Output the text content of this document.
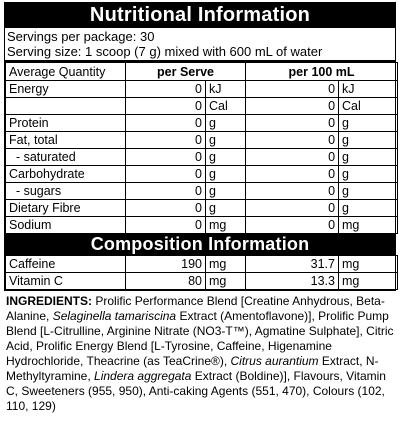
Nutritional Information
Servings per package: 30
Serving size: 1 scoop (7 g) mixed with 600 mL of water
Average Quantity	per Serve		per 100 mL	
Energy	0	kJ	0	kJ
	0	Cal	0	Cal
Protein	0	g	0	g
Fat, total	0	g	0	g
- saturated	0	g	0	g
Carbohydrate	0	g	0	g
- sugars	0	g	0	g
Dietary Fibre	0	g	0	g
Sodium	0	mg	0	mg
Composition Information
Caffeine	190	mg	31.7	mg
Vitamin C	80	mg	13.3	mg
INGREDIENTS: Prolific Performance Blend [Creatine Anhydrous, Beta-Alanine, Selaginella tamariscina Extract (Amentoflavone)], Prolific Pump Blend [L-Citrulline, Arginine Nitrate (NO3-T™), Agmatine Sulphate], Citric Acid, Prolific Energy Blend [L-Tyrosine, Caffeine, Higenamine Hydrochloride, Theacrine (as TeaCrine®), Citrus aurantium Extract, N-Methyltyramine, Lindera aggregata Extract (Boldine)], Flavours, Vitamin C, Sweeteners (955, 950), Anti-caking Agents (551, 470), Colours (102, 110, 129)
